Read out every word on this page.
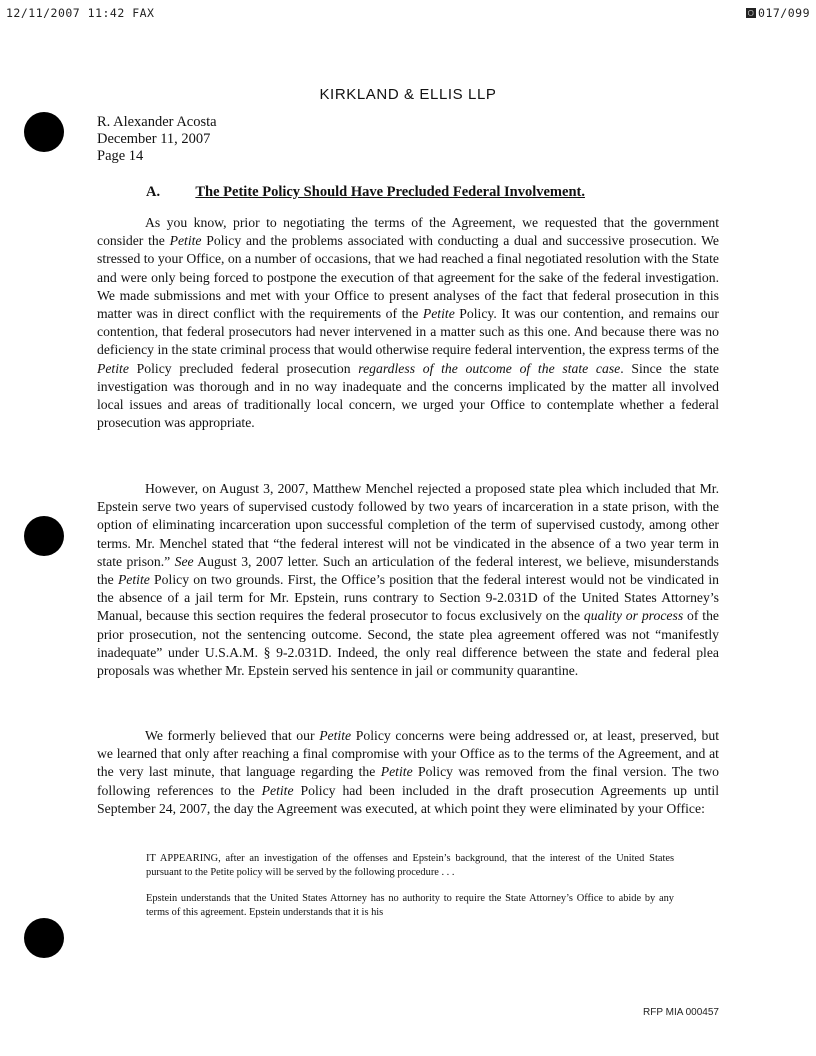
12/11/2007 11:42 FAX	▢ 017/099
KIRKLAND & ELLIS LLP
R. Alexander Acosta
December 11, 2007
Page 14
A. The Petite Policy Should Have Precluded Federal Involvement.

As you know, prior to negotiating the terms of the Agreement, we requested that the government consider the Petite Policy and the problems associated with conducting a dual and successive prosecution. We stressed to your Office, on a number of occasions, that we had reached a final negotiated resolution with the State and were only being forced to postpone the execution of that agreement for the sake of the federal investigation. We made submissions and met with your Office to present analyses of the fact that federal prosecution in this matter was in direct conflict with the requirements of the Petite Policy. It was our contention, and remains our contention, that federal prosecutors had never intervened in a matter such as this one. And because there was no deficiency in the state criminal process that would otherwise require federal intervention, the express terms of the Petite Policy precluded federal prosecution regardless of the outcome of the state case. Since the state investigation was thorough and in no way inadequate and the concerns implicated by the matter all involved local issues and areas of traditionally local concern, we urged your Office to contemplate whether a federal prosecution was appropriate.

However, on August 3, 2007, Matthew Menchel rejected a proposed state plea which included that Mr. Epstein serve two years of supervised custody followed by two years of incarceration in a state prison, with the option of eliminating incarceration upon successful completion of the term of supervised custody, among other terms. Mr. Menchel stated that “the federal interest will not be vindicated in the absence of a two year term in state prison.” See August 3, 2007 letter. Such an articulation of the federal interest, we believe, misunderstands the Petite Policy on two grounds. First, the Office’s position that the federal interest would not be vindicated in the absence of a jail term for Mr. Epstein, runs contrary to Section 9-2.031D of the United States Attorney’s Manual, because this section requires the federal prosecutor to focus exclusively on the quality or process of the prior prosecution, not the sentencing outcome. Second, the state plea agreement offered was not “manifestly inadequate” under U.S.A.M. § 9-2.031D. Indeed, the only real difference between the state and federal plea proposals was whether Mr. Epstein served his sentence in jail or community quarantine.

We formerly believed that our Petite Policy concerns were being addressed or, at least, preserved, but we learned that only after reaching a final compromise with your Office as to the terms of the Agreement, and at the very last minute, that language regarding the Petite Policy was removed from the final version. The two following references to the Petite Policy had been included in the draft prosecution Agreements up until September 24, 2007, the day the Agreement was executed, at which point they were eliminated by your Office:

IT APPEARING, after an investigation of the offenses and Epstein’s background, that the interest of the United States pursuant to the Petite policy will be served by the following procedure . . .

Epstein understands that the United States Attorney has no authority to require the State Attorney’s Office to abide by any terms of this agreement. Epstein understands that it is his

RFP MIA 000457
